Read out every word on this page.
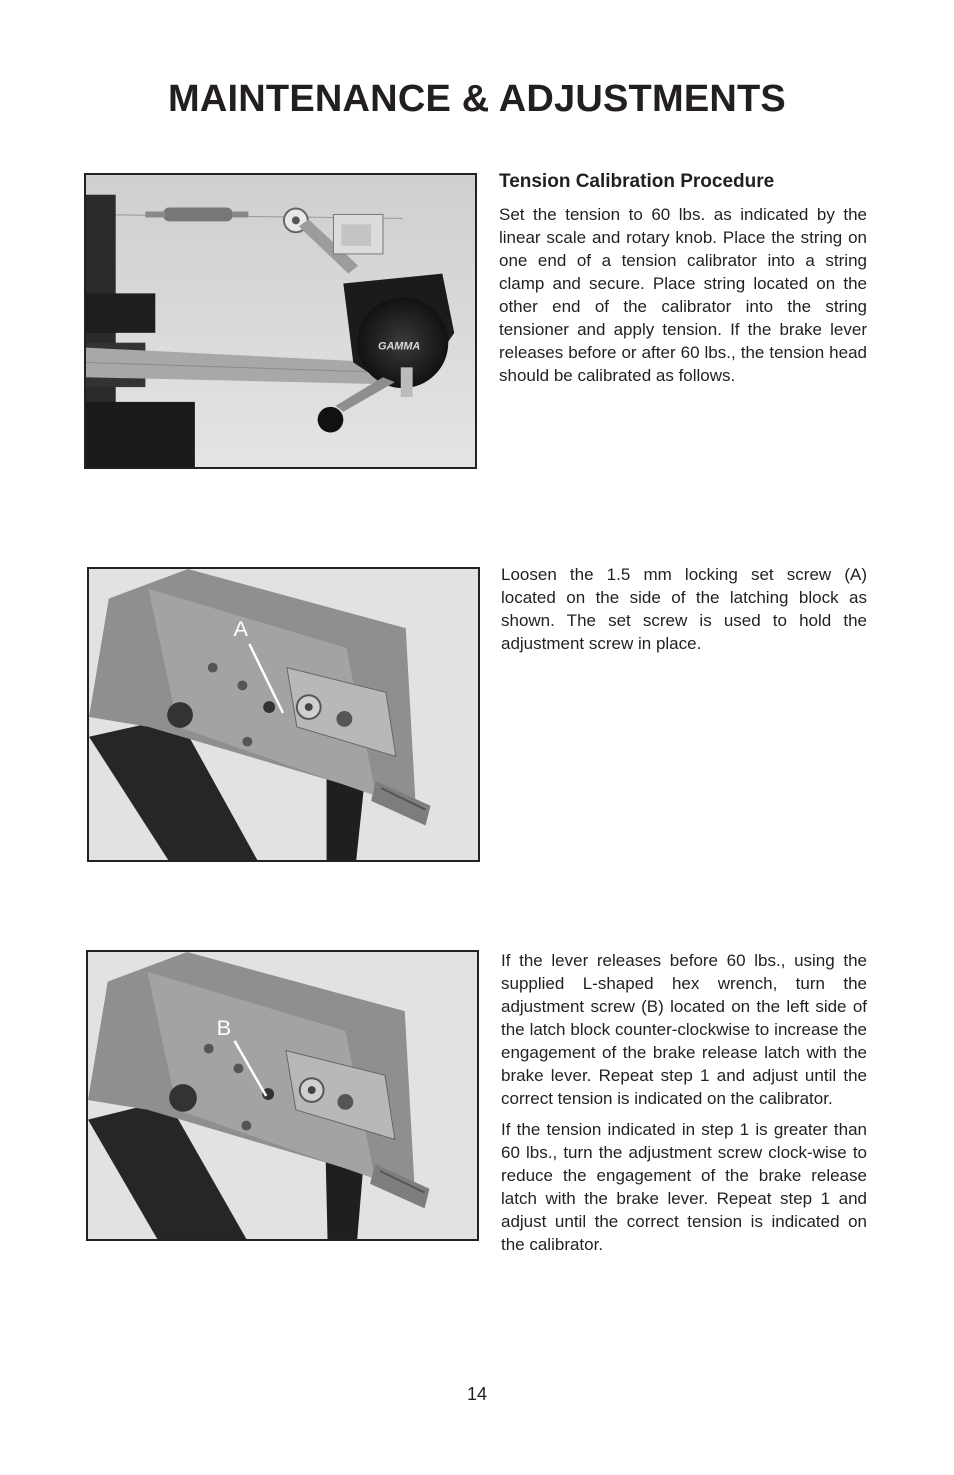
MAINTENANCE & ADJUSTMENTS
GAMMA
Tension Calibration Procedure

Set the tension to 60 lbs. as indicated by the linear scale and rotary knob. Place the string on one end of a tension calibrator into a string clamp and secure. Place string located on the other end of the calibrator into the string tensioner and apply tension. If the brake lever releases before or after 60 lbs., the tension head should be calibrated as follows.

A

Loosen the 1.5 mm locking set screw (A) located on the side of the latching block as shown. The set screw is used to hold the adjustment screw in place.

B

If the lever releases before 60 lbs., using the supplied L-shaped hex wrench, turn the adjustment screw (B) located on the left side of the latch block counter-clockwise to increase the engagement of the brake release latch with the brake lever. Repeat step 1 and adjust until the correct tension is indicated on the calibrator.

If the tension indicated in step 1 is greater than 60 lbs., turn the adjustment screw clock-wise to reduce the engagement of the brake release latch with the brake lever. Repeat step 1 and adjust until the correct tension is indicated on the calibrator.

14
